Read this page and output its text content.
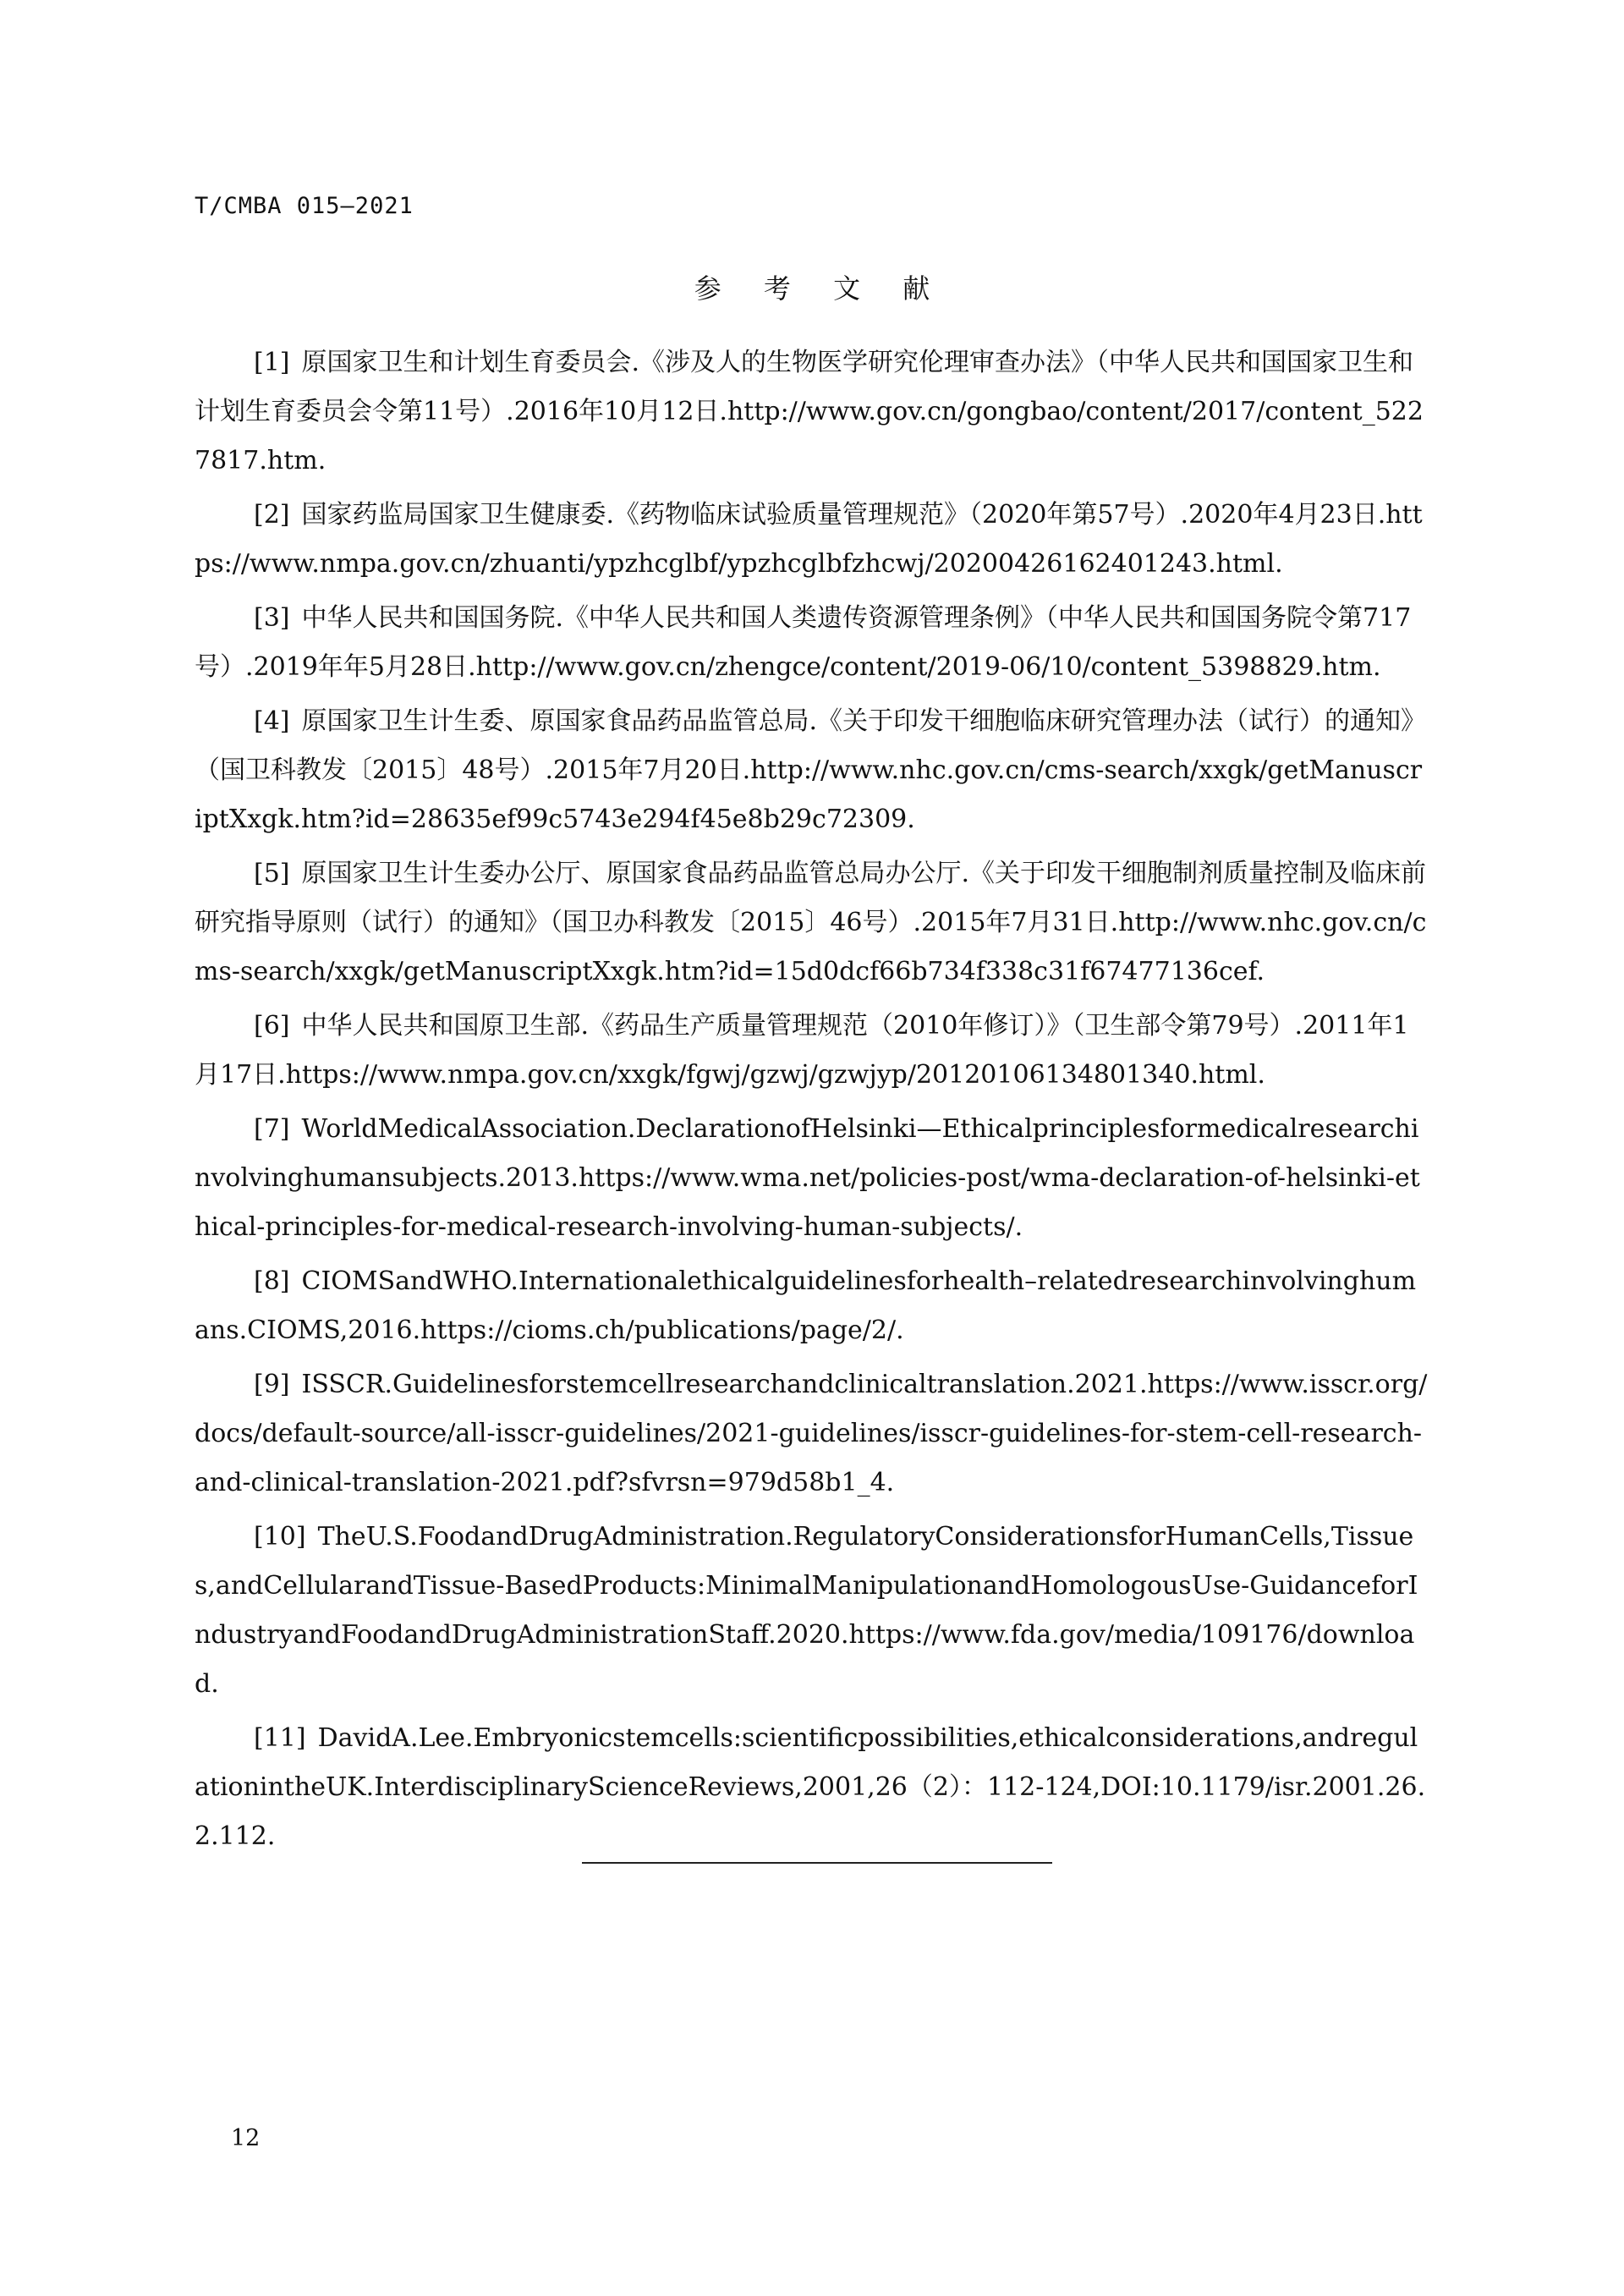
T/CMBA 015—2021
参 考 文 献
[1] 原国家卫生和计划生育委员会.《涉及人的生物医学研究伦理审查办法》（中华人民共和国国家卫生和计划生育委员会令第11号）.2016年10月12日.http://www.gov.cn/gongbao/content/2017/content_5227817.htm.
[2] 国家药监局国家卫生健康委.《药物临床试验质量管理规范》（2020年第57号）.2020年4月23日.https://www.nmpa.gov.cn/zhuanti/ypzhcglbf/ypzhcglbfzhcwj/20200426162401243.html.
[3] 中华人民共和国国务院.《中华人民共和国人类遗传资源管理条例》（中华人民共和国国务院令第717号）.2019年年5月28日.http://www.gov.cn/zhengce/content/2019-06/10/content_5398829.htm.
[4] 原国家卫生计生委、原国家食品药品监管总局.《关于印发干细胞临床研究管理办法（试行）的通知》（国卫科教发〔2015〕48号）.2015年7月20日.http://www.nhc.gov.cn/cms-search/xxgk/getManuscriptXxgk.htm?id=28635ef99c5743e294f45e8b29c72309.
[5] 原国家卫生计生委办公厅、原国家食品药品监管总局办公厅.《关于印发干细胞制剂质量控制及临床前研究指导原则（试行）的通知》（国卫办科教发〔2015〕46号）.2015年7月31日.http://www.nhc.gov.cn/cms-search/xxgk/getManuscriptXxgk.htm?id=15d0dcf66b734f338c31f67477136cef.
[6] 中华人民共和国原卫生部.《药品生产质量管理规范（2010年修订）》（卫生部令第79号）.2011年1月17日.https://www.nmpa.gov.cn/xxgk/fgwj/gzwj/gzwjyp/20120106134801340.html.
[7] WorldMedicalAssociation.DeclarationofHelsinki—Ethicalprinciplesformedicalresearchinvolvinghumansubjects.2013.https://www.wma.net/policies-post/wma-declaration-of-helsinki-ethical-principles-for-medical-research-involving-human-subjects/.
[8] CIOMSandWHO.Internationalethicalguidelinesforhealth–relatedresearchinvolvinghumans.CIOMS,2016.https://cioms.ch/publications/page/2/.
[9] ISSCR.Guidelinesforstemcellresearchandclinicaltranslation.2021.https://www.isscr.org/docs/default-source/all-isscr-guidelines/2021-guidelines/isscr-guidelines-for-stem-cell-research-and-clinical-translation-2021.pdf?sfvrsn=979d58b1_4.
[10] TheU.S.FoodandDrugAdministration.RegulatoryConsiderationsforHumanCells,Tissues,andCellularandTissue-BasedProducts:MinimalManipulationandHomologousUse-GuidanceforIndustryandFoodandDrugAdministrationStaff.2020.https://www.fda.gov/media/109176/download.
[11] DavidA.Lee.Embryonicstemcells:scientificpossibilities,ethicalconsiderations,andregulationintheUK.InterdisciplinaryScienceReviews,2001,26（2）：112-124,DOI:10.1179/isr.2001.26.2.112.
12
